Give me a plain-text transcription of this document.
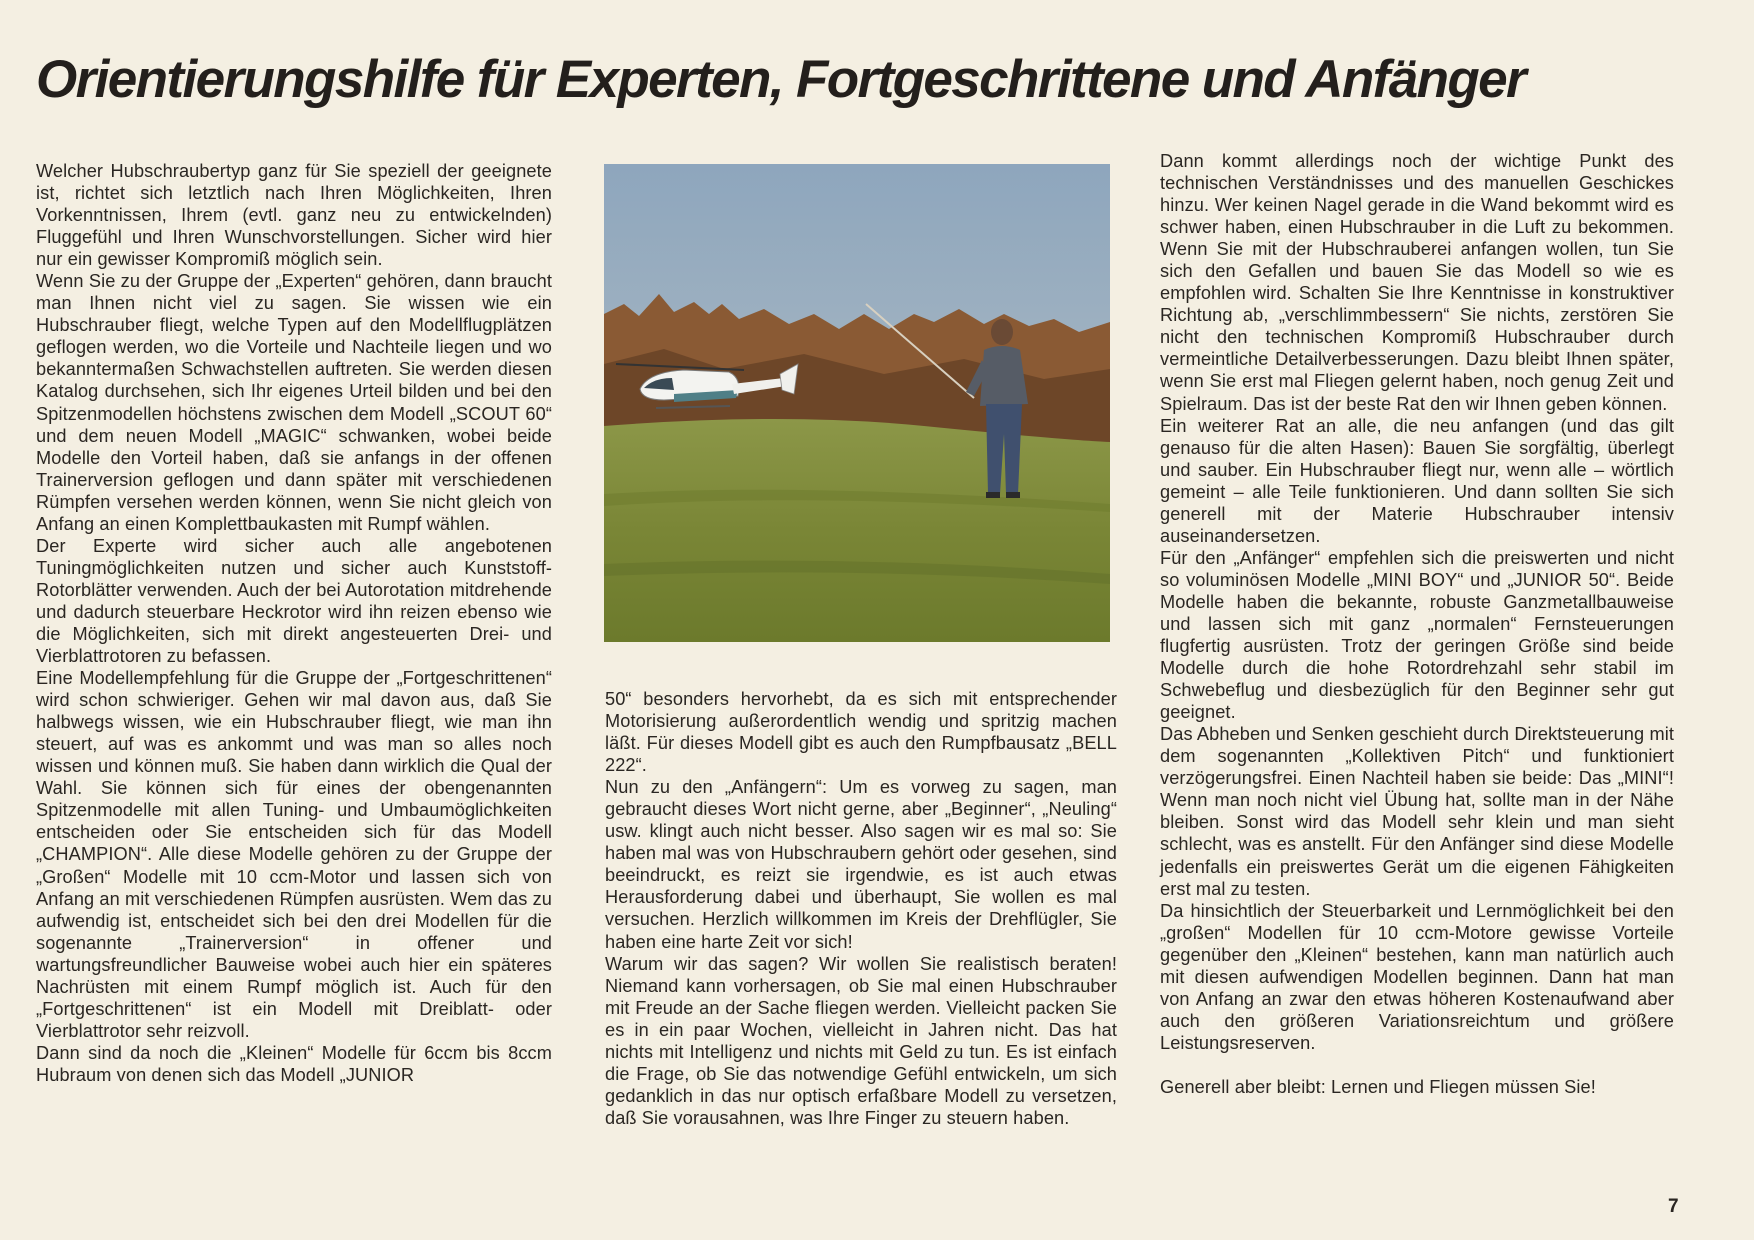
Orientierungshilfe für Experten, Fortgeschrittene und Anfänger

Welcher Hubschraubertyp ganz für Sie speziell der geeignete ist, richtet sich letztlich nach Ihren Möglichkeiten, Ihren Vorkenntnissen, Ihrem (evtl. ganz neu zu entwickelnden) Fluggefühl und Ihren Wunschvorstellungen. Sicher wird hier nur ein gewisser Kompromiß möglich sein.

Wenn Sie zu der Gruppe der „Experten“ gehören, dann braucht man Ihnen nicht viel zu sagen. Sie wissen wie ein Hubschrauber fliegt, welche Typen auf den Modellflugplätzen geflogen werden, wo die Vorteile und Nachteile liegen und wo bekanntermaßen Schwachstellen auftreten. Sie werden diesen Katalog durchsehen, sich Ihr eigenes Urteil bilden und bei den Spitzenmodellen höchstens zwischen dem Modell „SCOUT 60“ und dem neuen Modell „MAGIC“ schwanken, wobei beide Modelle den Vorteil haben, daß sie anfangs in der offenen Trainerversion geflogen und dann später mit verschiedenen Rümpfen versehen werden können, wenn Sie nicht gleich von Anfang an einen Komplettbaukasten mit Rumpf wählen.

Der Experte wird sicher auch alle angebotenen Tuningmöglichkeiten nutzen und sicher auch Kunststoff-Rotorblätter verwenden. Auch der bei Autorotation mitdrehende und dadurch steuerbare Heckrotor wird ihn reizen ebenso wie die Möglichkeiten, sich mit direkt angesteuerten Drei- und Vierblattrotoren zu befassen.

Eine Modellempfehlung für die Gruppe der „Fortgeschrittenen“ wird schon schwieriger. Gehen wir mal davon aus, daß Sie halbwegs wissen, wie ein Hubschrauber fliegt, wie man ihn steuert, auf was es ankommt und was man so alles noch wissen und können muß. Sie haben dann wirklich die Qual der Wahl. Sie können sich für eines der obengenannten Spitzenmodelle mit allen Tuning- und Umbaumöglichkeiten entscheiden oder Sie entscheiden sich für das Modell „CHAMPION“. Alle diese Modelle gehören zu der Gruppe der „Großen“ Modelle mit 10 ccm-Motor und lassen sich von Anfang an mit verschiedenen Rümpfen ausrüsten. Wem das zu aufwendig ist, entscheidet sich bei den drei Modellen für die sogenannte „Trainerversion“ in offener und wartungsfreundlicher Bauweise wobei auch hier ein späteres Nachrüsten mit einem Rumpf möglich ist. Auch für den „Fortgeschrittenen“ ist ein Modell mit Dreiblatt- oder Vierblattrotor sehr reizvoll.

Dann sind da noch die „Kleinen“ Modelle für 6ccm bis 8ccm Hubraum von denen sich das Modell „JUNIOR

50“ besonders hervorhebt, da es sich mit entsprechender Motorisierung außerordentlich wendig und spritzig machen läßt. Für dieses Modell gibt es auch den Rumpfbausatz „BELL 222“.

Nun zu den „Anfängern“: Um es vorweg zu sagen, man gebraucht dieses Wort nicht gerne, aber „Beginner“, „Neuling“ usw. klingt auch nicht besser. Also sagen wir es mal so: Sie haben mal was von Hubschraubern gehört oder gesehen, sind beeindruckt, es reizt sie irgendwie, es ist auch etwas Herausforderung dabei und überhaupt, Sie wollen es mal versuchen. Herzlich willkommen im Kreis der Drehflügler, Sie haben eine harte Zeit vor sich!

Warum wir das sagen? Wir wollen Sie realistisch beraten! Niemand kann vorhersagen, ob Sie mal einen Hubschrauber mit Freude an der Sache fliegen werden. Vielleicht packen Sie es in ein paar Wochen, vielleicht in Jahren nicht. Das hat nichts mit Intelligenz und nichts mit Geld zu tun. Es ist einfach die Frage, ob Sie das notwendige Gefühl entwickeln, um sich gedanklich in das nur optisch erfaßbare Modell zu versetzen, daß Sie vorausahnen, was Ihre Finger zu steuern haben.

Dann kommt allerdings noch der wichtige Punkt des technischen Verständnisses und des manuellen Geschickes hinzu. Wer keinen Nagel gerade in die Wand bekommt wird es schwer haben, einen Hubschrauber in die Luft zu bekommen. Wenn Sie mit der Hubschrauberei anfangen wollen, tun Sie sich den Gefallen und bauen Sie das Modell so wie es empfohlen wird. Schalten Sie Ihre Kenntnisse in konstruktiver Richtung ab, „verschlimmbessern“ Sie nichts, zerstören Sie nicht den technischen Kompromiß Hubschrauber durch vermeintliche Detailverbesserungen. Dazu bleibt Ihnen später, wenn Sie erst mal Fliegen gelernt haben, noch genug Zeit und Spielraum. Das ist der beste Rat den wir Ihnen geben können.

Ein weiterer Rat an alle, die neu anfangen (und das gilt genauso für die alten Hasen): Bauen Sie sorgfältig, überlegt und sauber. Ein Hubschrauber fliegt nur, wenn alle – wörtlich gemeint – alle Teile funktionieren. Und dann sollten Sie sich generell mit der Materie Hubschrauber intensiv auseinandersetzen.

Für den „Anfänger“ empfehlen sich die preiswerten und nicht so voluminösen Modelle „MINI BOY“ und „JUNIOR 50“. Beide Modelle haben die bekannte, robuste Ganzmetallbauweise und lassen sich mit ganz „normalen“ Fernsteuerungen flugfertig ausrüsten. Trotz der geringen Größe sind beide Modelle durch die hohe Rotordrehzahl sehr stabil im Schwebeflug und diesbezüglich für den Beginner sehr gut geeignet.

Das Abheben und Senken geschieht durch Direktsteuerung mit dem sogenannten „Kollektiven Pitch“ und funktioniert verzögerungsfrei. Einen Nachteil haben sie beide: Das „MINI“! Wenn man noch nicht viel Übung hat, sollte man in der Nähe bleiben. Sonst wird das Modell sehr klein und man sieht schlecht, was es anstellt. Für den Anfänger sind diese Modelle jedenfalls ein preiswertes Gerät um die eigenen Fähigkeiten erst mal zu testen.

Da hinsichtlich der Steuerbarkeit und Lernmöglichkeit bei den „großen“ Modellen für 10 ccm-Motore gewisse Vorteile gegenüber den „Kleinen“ bestehen, kann man natürlich auch mit diesen aufwendigen Modellen beginnen. Dann hat man von Anfang an zwar den etwas höheren Kostenaufwand aber auch den größeren Variationsreichtum und größere Leistungsreserven.

Generell aber bleibt: Lernen und Fliegen müssen Sie!

7
